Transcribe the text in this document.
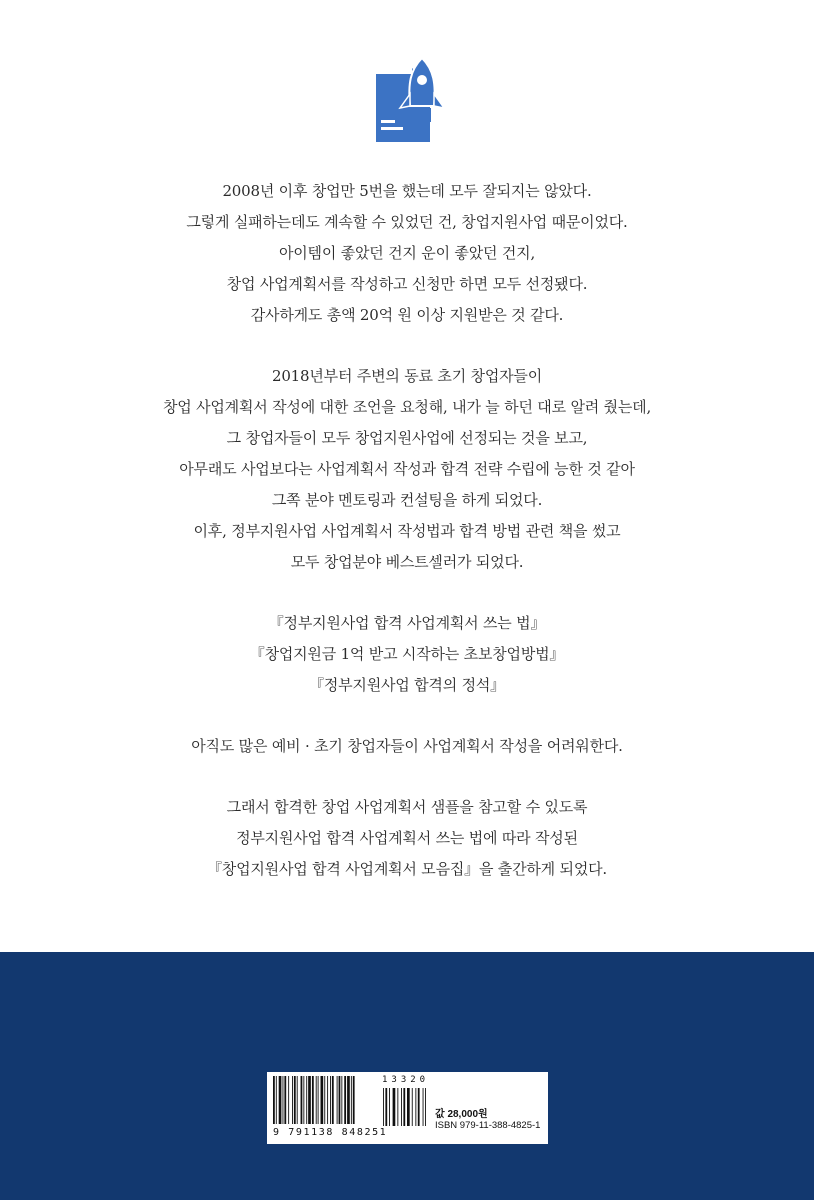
2008년 이후 창업만 5번을 했는데 모두 잘되지는 않았다.
그렇게 실패하는데도 계속할 수 있었던 건, 창업지원사업 때문이었다.
아이템이 좋았던 건지 운이 좋았던 건지,
창업 사업계획서를 작성하고 신청만 하면 모두 선정됐다.
감사하게도 총액 20억 원 이상 지원받은 것 같다.
2018년부터 주변의 동료 초기 창업자들이
창업 사업계획서 작성에 대한 조언을 요청해, 내가 늘 하던 대로 알려 줬는데,
그 창업자들이 모두 창업지원사업에 선정되는 것을 보고,
아무래도 사업보다는 사업계획서 작성과 합격 전략 수립에 능한 것 같아
그쪽 분야 멘토링과 컨설팅을 하게 되었다.
이후, 정부지원사업 사업계획서 작성법과 합격 방법 관련 책을 썼고
모두 창업분야 베스트셀러가 되었다.
『정부지원사업 합격 사업계획서 쓰는 법』
『창업지원금 1억 받고 시작하는 초보창업방법』
『정부지원사업 합격의 정석』
아직도 많은 예비 · 초기 창업자들이 사업계획서 작성을 어려워한다.
그래서 합격한 창업 사업계획서 샘플을 참고할 수 있도록
정부지원사업 합격 사업계획서 쓰는 법에 따라 작성된
『창업지원사업 합격 사업계획서 모음집』을 출간하게 되었다.
13320
9 791138 848251
값 28,000원
ISBN 979-11-388-4825-1
